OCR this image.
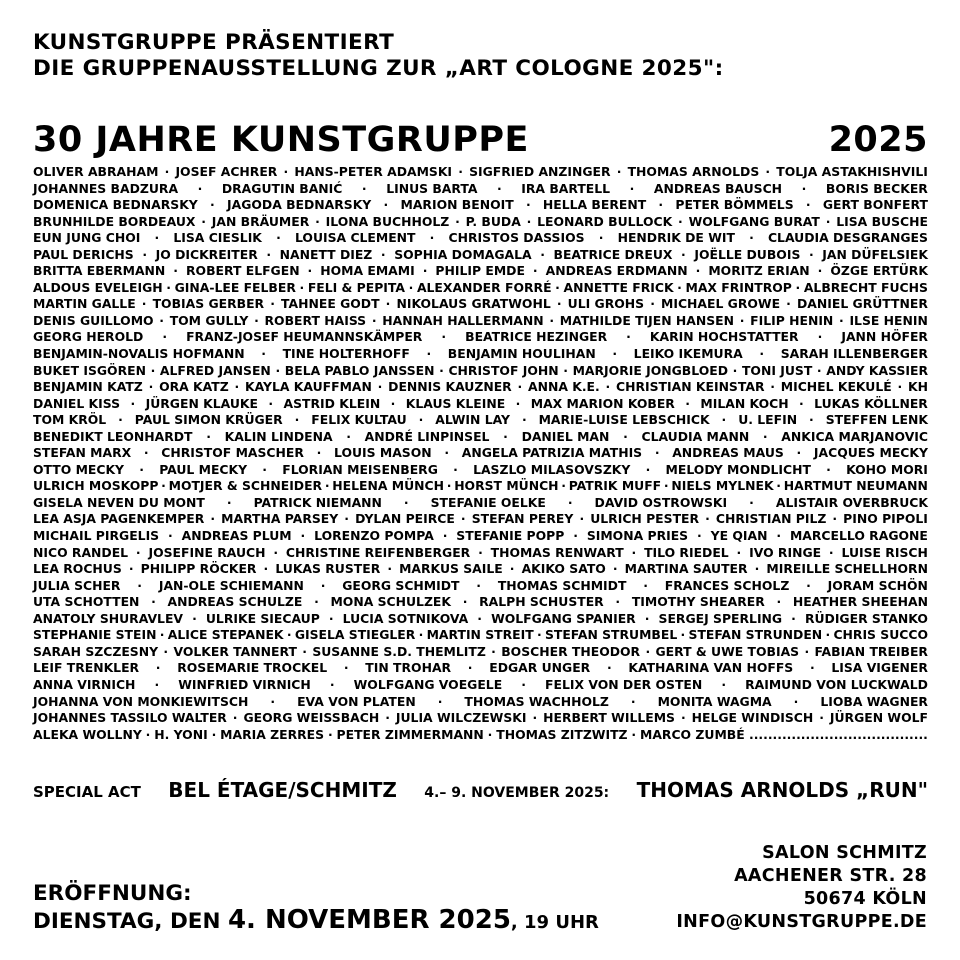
KUNSTGRUPPE PRÄSENTIERT
DIE GRUPPENAUSSTELLUNG ZUR „ART COLOGNE 2025":
30 JAHRE KUNSTGRUPPE	2025
OLIVER ABRAHAM · JOSEF ACHRER · HANS-PETER ADAMSKI · SIGFRIED ANZINGER · THOMAS ARNOLDS · TOLJA ASTAKHISHVILI
JOHANNES BADZURA · DRAGUTIN BANIĆ · LINUS BARTA · IRA BARTELL · ANDREAS BAUSCH · BORIS BECKER
DOMENICA BEDNARSKY · JAGODA BEDNARSKY · MARION BENOIT · HELLA BERENT · PETER BÖMMELS · GERT BONFERT
BRUNHILDE BORDEAUX · JAN BRÄUMER · ILONA BUCHHOLZ · P. BUDA · LEONARD BULLOCK · WOLFGANG BURAT · LISA BUSCHE
EUN JUNG CHOI · LISA CIESLIK · LOUISA CLEMENT · CHRISTOS DASSIOS · HENDRIK DE WIT · CLAUDIA DESGRANGES
PAUL DERICHS · JO DICKREITER · NANETT DIEZ · SOPHIA DOMAGALA · BEATRICE DREUX · JOËLLE DUBOIS · JAN DÜFELSIEK
BRITTA EBERMANN · ROBERT ELFGEN · HOMA EMAMI · PHILIP EMDE · ANDREAS ERDMANN · MORITZ ERIAN · ÖZGE ERTÜRK
ALDOUS EVELEIGH · GINA-LEE FELBER · FELI & PEPITA · ALEXANDER FORRÉ · ANNETTE FRICK · MAX FRINTROP · ALBRECHT FUCHS
MARTIN GALLE · TOBIAS GERBER · TAHNEE GODT · NIKOLAUS GRATWOHL · ULI GROHS · MICHAEL GROWE · DANIEL GRÜTTNER
DENIS GUILLOMO · TOM GULLY · ROBERT HAISS · HANNAH HALLERMANN · MATHILDE TIJEN HANSEN · FILIP HENIN · ILSE HENIN
GEORG HEROLD · FRANZ-JOSEF HEUMANNSKÄMPER · BEATRICE HEZINGER · KARIN HOCHSTATTER · JANN HÖFER
BENJAMIN-NOVALIS HOFMANN · TINE HOLTERHOFF · BENJAMIN HOULIHAN · LEIKO IKEMURA · SARAH ILLENBERGER
BUKET ISGÖREN · ALFRED JANSEN · BELA PABLO JANSSEN · CHRISTOF JOHN · MARJORIE JONGBLOED · TONI JUST · ANDY KASSIER
BENJAMIN KATZ · ORA KATZ · KAYLA KAUFFMAN · DENNIS KAUZNER · ANNA K.E. · CHRISTIAN KEINSTAR · MICHEL KEKULÉ · KH
DANIEL KISS · JÜRGEN KLAUKE · ASTRID KLEIN · KLAUS KLEINE · MAX MARION KOBER · MILAN KOCH · LUKAS KÖLLNER
TOM KRÖL · PAUL SIMON KRÜGER · FELIX KULTAU · ALWIN LAY · MARIE-LUISE LEBSCHICK · U. LEFIN · STEFFEN LENK
BENEDIKT LEONHARDT · KALIN LINDENA · ANDRÉ LINPINSEL · DANIEL MAN · CLAUDIA MANN · ANKICA MARJANOVIC
STEFAN MARX · CHRISTOF MASCHER · LOUIS MASON · ANGELA PATRIZIA MATHIS · ANDREAS MAUS · JACQUES MECKY
OTTO MECKY · PAUL MECKY · FLORIAN MEISENBERG · LASZLO MILASOVSZKY · MELODY MONDLICHT · KOHO MORI
ULRICH MOSKOPP · MOTJER & SCHNEIDER · HELENA MÜNCH · HORST MÜNCH · PATRIK MUFF · NIELS MYLNEK · HARTMUT NEUMANN
GISELA NEVEN DU MONT · PATRICK NIEMANN · STEFANIE OELKE · DAVID OSTROWSKI · ALISTAIR OVERBRUCK
LEA ASJA PAGENKEMPER · MARTHA PARSEY · DYLAN PEIRCE · STEFAN PEREY · ULRICH PESTER · CHRISTIAN PILZ · PINO PIPOLI
MICHAIL PIRGELIS · ANDREAS PLUM · LORENZO POMPA · STEFANIE POPP · SIMONA PRIES · YE QIAN · MARCELLO RAGONE
NICO RANDEL · JOSEFINE RAUCH · CHRISTINE REIFENBERGER · THOMAS RENWART · TILO RIEDEL · IVO RINGE · LUISE RISCH
LEA ROCHUS · PHILIPP RÖCKER · LUKAS RUSTER · MARKUS SAILE · AKIKO SATO · MARTINA SAUTER · MIREILLE SCHELLHORN
JULIA SCHER · JAN-OLE SCHIEMANN · GEORG SCHMIDT · THOMAS SCHMIDT · FRANCES SCHOLZ · JORAM SCHÖN
UTA SCHOTTEN · ANDREAS SCHULZE · MONA SCHULZEK · RALPH SCHUSTER · TIMOTHY SHEARER · HEATHER SHEEHAN
ANATOLY SHURAVLEV · ULRIKE SIECAUP · LUCIA SOTNIKOVA · WOLFGANG SPANIER · SERGEJ SPERLING · RÜDIGER STANKO
STEPHANIE STEIN · ALICE STEPANEK · GISELA STIEGLER · MARTIN STREIT · STEFAN STRUMBEL · STEFAN STRUNDEN · CHRIS SUCCO
SARAH SZCZESNY · VOLKER TANNERT · SUSANNE S.D. THEMLITZ · BOSCHER THEODOR · GERT & UWE TOBIAS · FABIAN TREIBER
LEIF TRENKLER · ROSEMARIE TROCKEL · TIN TROHAR · EDGAR UNGER · KATHARINA VAN HOFFS · LISA VIGENER
ANNA VIRNICH · WINFRIED VIRNICH · WOLFGANG VOEGELE · FELIX VON DER OSTEN · RAIMUND VON LUCKWALD
JOHANNA VON MONKIEWITSCH · EVA VON PLATEN · THOMAS WACHHOLZ · MONITA WAGMA · LIOBA WAGNER
JOHANNES TASSILO WALTER · GEORG WEISSBACH · JULIA WILCZEWSKI · HERBERT WILLEMS · HELGE WINDISCH · JÜRGEN WOLF
ALEKA WOLLNY · H. YONI · MARIA ZERRES · PETER ZIMMERMANN · THOMAS ZITZWITZ · MARCO ZUMBÉ ......................................
SPECIAL ACT BEL ÉTAGE/SCHMITZ 4.– 9. NOVEMBER 2025: THOMAS ARNOLDS „RUN"
ERÖFFNUNG:
DIENSTAG, DEN 4. NOVEMBER 2025, 19 UHR
SALON SCHMITZ
AACHENER STR. 28
50674 KÖLN
INFO@KUNSTGRUPPE.DE
